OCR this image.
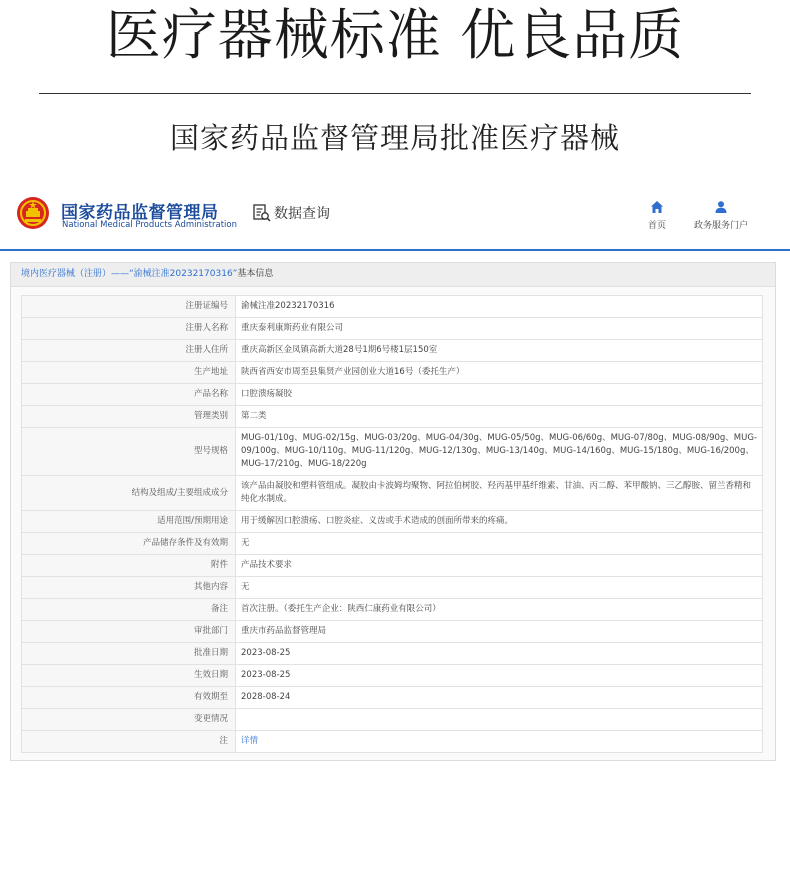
医疗器械标准 优良品质
国家药品监督管理局批准医疗器械
国家药品监督管理局
National Medical Products Administration
数据查询
首页	政务服务门户
境内医疗器械（注册）——“渝械注准20232170316”基本信息
注册证编号	渝械注准20232170316
注册人名称	重庆泰利康斯药业有限公司
注册人住所	重庆高新区金凤镇高新大道28号1期6号楼1层150室
生产地址	陕西省西安市周至县集贤产业园创业大道16号（委托生产）
产品名称	口腔溃疡凝胶
管理类别	第二类
型号规格	MUG-01/10g、MUG-02/15g、MUG-03/20g、MUG-04/30g、MUG-05/50g、MUG-06/60g、MUG-07/80g、MUG-08/90g、MUG-09/100g、MUG-10/110g、MUG-11/120g、MUG-12/130g、MUG-13/140g、MUG-14/160g、MUG-15/180g、MUG-16/200g、MUG-17/210g、MUG-18/220g
结构及组成/主要组成成分	该产品由凝胶和塑料管组成。凝胶由卡波姆均聚物、阿拉伯树胶、羟丙基甲基纤维素、甘油、丙二醇、苯甲酸钠、三乙醇胺、留兰香精和纯化水制成。
适用范围/预期用途	用于缓解因口腔溃疡、口腔炎症、义齿或手术造成的创面所带来的疼痛。
产品储存条件及有效期	无
附件	产品技术要求
其他内容	无
备注	首次注册。（委托生产企业：陕西仁康药业有限公司）
审批部门	重庆市药品监督管理局
批准日期	2023-08-25
生效日期	2023-08-25
有效期至	2028-08-24
变更情况	
注	详情
